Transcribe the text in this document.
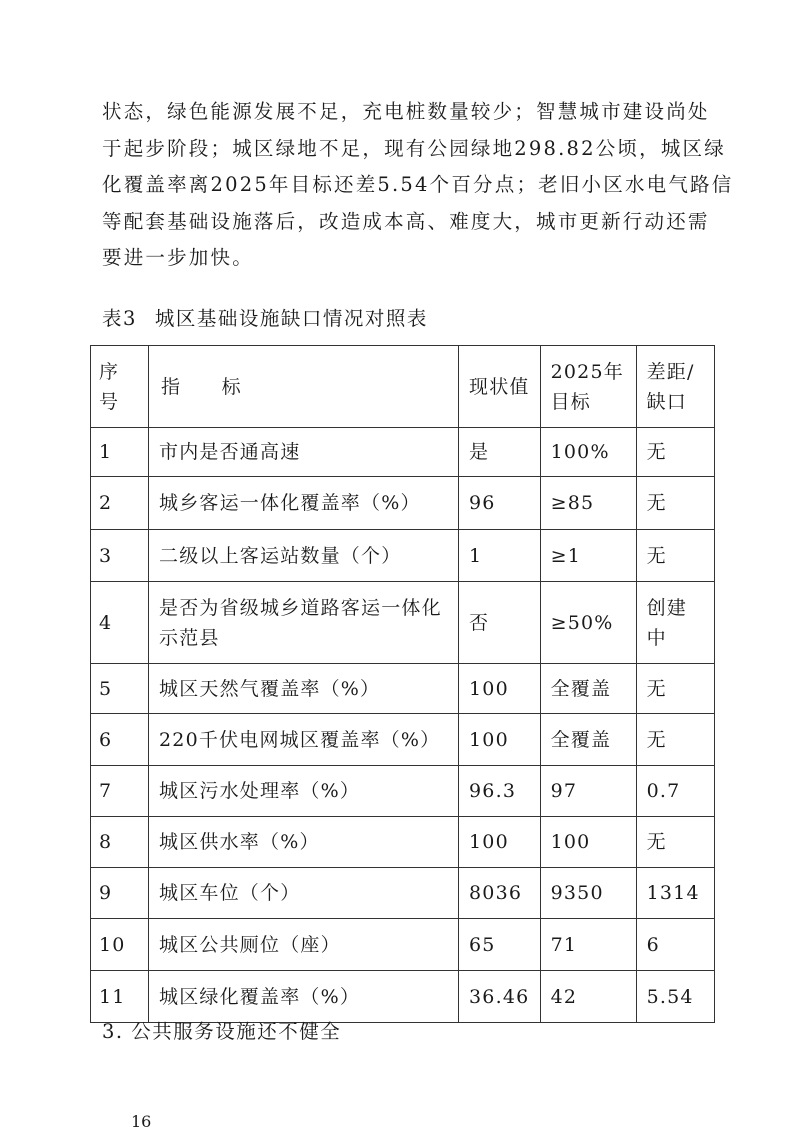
状态，绿色能源发展不足，充电桩数量较少；智慧城市建设尚处
于起步阶段；城区绿地不足，现有公园绿地298.82公顷，城区绿
化覆盖率离2025年目标还差5.54个百分点；老旧小区水电气路信
等配套基础设施落后，改造成本高、难度大，城市更新行动还需
要进一步加快。
表3 城区基础设施缺口情况对照表
序号	指　　标	现状值	2025年目标	差距/缺口
1	市内是否通高速	是	100%	无
2	城乡客运一体化覆盖率（%）	96	≥85	无
3	二级以上客运站数量（个）	1	≥1	无
4	是否为省级城乡道路客运一体化示范县	否	≥50%	创建中
5	城区天然气覆盖率（%）	100	全覆盖	无
6	220千伏电网城区覆盖率（%）	100	全覆盖	无
7	城区污水处理率（%）	96.3	97	0.7
8	城区供水率（%）	100	100	无
9	城区车位（个）	8036	9350	1314
10	城区公共厕位（座）	65	71	6
11	城区绿化覆盖率（%）	36.46	42	5.54
3. 公共服务设施还不健全
16
